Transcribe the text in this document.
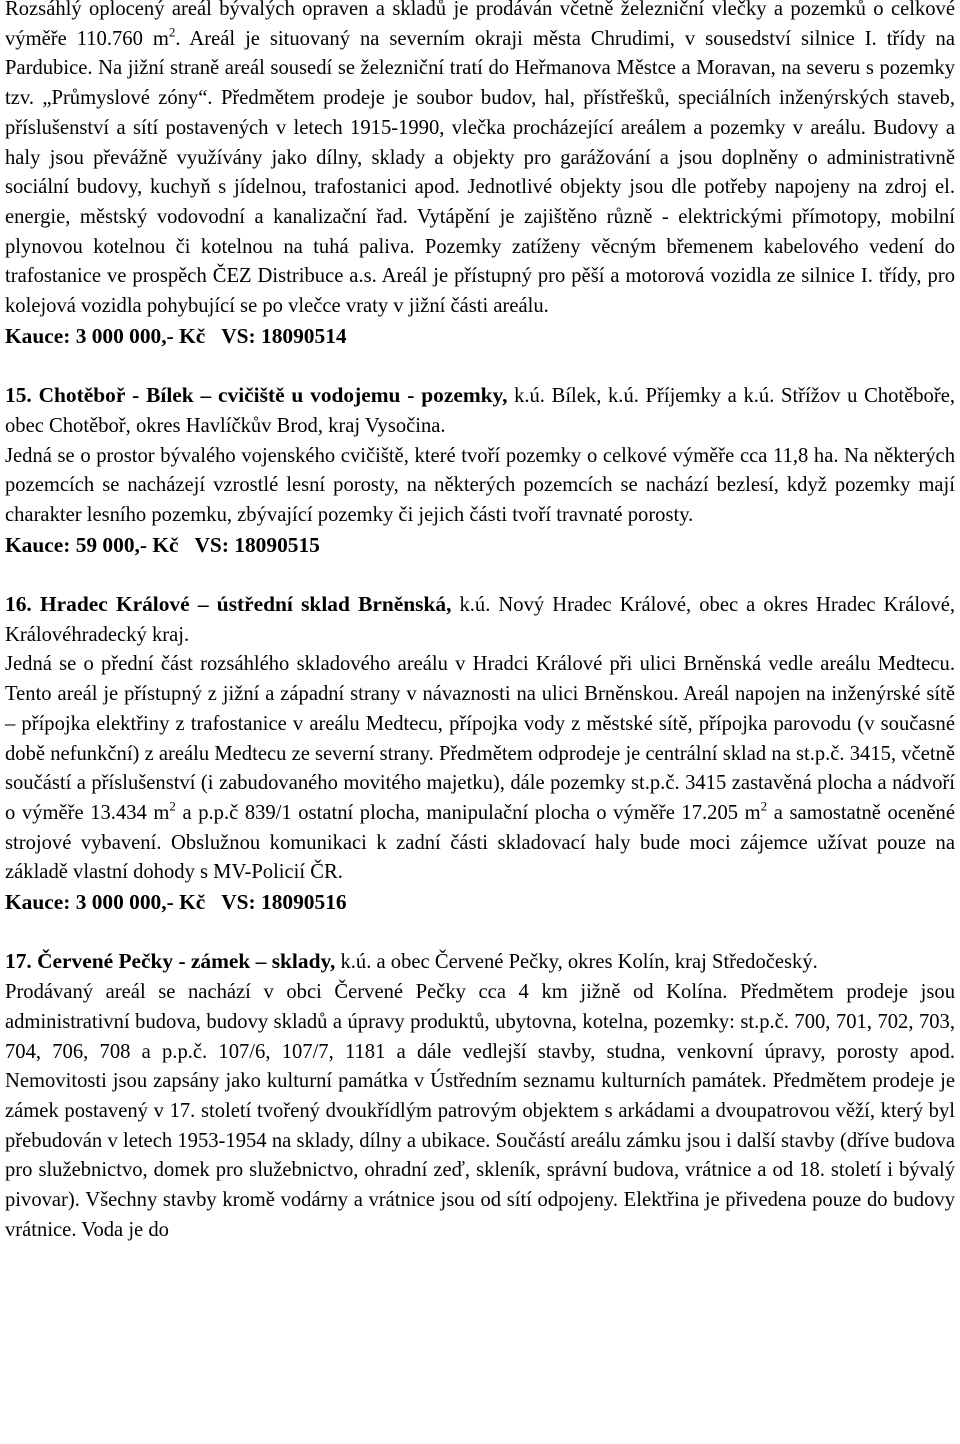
Rozsáhlý oplocený areál bývalých opraven a skladů je prodáván včetně železniční vlečky a pozemků o celkové výměře 110.760 $m^2$. Areál je situovaný na severním okraji města Chrudimi, v sousedství silnice I. třídy na Pardubice. Na jižní straně areál sousedí se železniční tratí do Heřmanova Městce a Moravan, na severu s pozemky tzv. „Průmyslové zóny“. Předmětem prodeje je soubor budov, hal, přístřešků, speciálních inženýrských staveb, příslušenství a sítí postavených v letech 1915-1990, vlečka procházející areálem a pozemky v areálu. Budovy a haly jsou převážně využívány jako dílny, sklady a objekty pro garážování a jsou doplněny o administrativně sociální budovy, kuchyň s jídelnou, trafostanici apod. Jednotlivé objekty jsou dle potřeby napojeny na zdroj el. energie, městský vodovodní a kanalizační řad. Vytápění je zajištěno různě - elektrickými přímotopy, mobilní plynovou kotelnou či kotelnou na tuhá paliva. Pozemky zatíženy věcným břemenem kabelového vedení do trafostanice ve prospěch ČEZ Distribuce a.s. Areál je přístupný pro pěší a motorová vozidla ze silnice I. třídy, pro kolejová vozidla pohybující se po vlečce vraty v jižní části areálu.

Kauce: 3 000 000,- Kč VS: 18090514

15. Chotěboř - Bílek – cvičiště u vodojemu - pozemky, k.ú. Bílek, k.ú. Příjemky a k.ú. Střížov u Chotěboře, obec Chotěboř, okres Havlíčkův Brod, kraj Vysočina.

Jedná se o prostor bývalého vojenského cvičiště, které tvoří pozemky o celkové výměře cca 11,8 ha. Na některých pozemcích se nacházejí vzrostlé lesní porosty, na některých pozemcích se nachází bezlesí, když pozemky mají charakter lesního pozemku, zbývající pozemky či jejich části tvoří travnaté porosty.

Kauce: 59 000,- Kč VS: 18090515

16. Hradec Králové – ústřední sklad Brněnská, k.ú. Nový Hradec Králové, obec a okres Hradec Králové, Královéhradecký kraj.

Jedná se o přední část rozsáhlého skladového areálu v Hradci Králové při ulici Brněnská vedle areálu Medtecu. Tento areál je přístupný z jižní a západní strany v návaznosti na ulici Brněnskou. Areál napojen na inženýrské sítě – přípojka elektřiny z trafostanice v areálu Medtecu, přípojka vody z městské sítě, přípojka parovodu (v současné době nefunkční) z areálu Medtecu ze severní strany. Předmětem odprodeje je centrální sklad na st.p.č. 3415, včetně součástí a příslušenství (i zabudovaného movitého majetku), dále pozemky st.p.č. 3415 zastavěná plocha a nádvoří o výměře 13.434 $m^2$ a p.p.č 839/1 ostatní plocha, manipulační plocha o výměře 17.205 $m^2$ a samostatně oceněné strojové vybavení. Obslužnou komunikaci k zadní části skladovací haly bude moci zájemce užívat pouze na základě vlastní dohody s MV-Policií ČR.

Kauce: 3 000 000,- Kč VS: 18090516

17. Červené Pečky - zámek – sklady, k.ú. a obec Červené Pečky, okres Kolín, kraj Středočeský.

Prodávaný areál se nachází v obci Červené Pečky cca 4 km jižně od Kolína. Předmětem prodeje jsou administrativní budova, budovy skladů a úpravy produktů, ubytovna, kotelna, pozemky: st.p.č. 700, 701, 702, 703, 704, 706, 708 a p.p.č. 107/6, 107/7, 1181 a dále vedlejší stavby, studna, venkovní úpravy, porosty apod. Nemovitosti jsou zapsány jako kulturní památka v Ústředním seznamu kulturních památek. Předmětem prodeje je zámek postavený v 17. století tvořený dvoukřídlým patrovým objektem s arkádami a dvoupatrovou věží, který byl přebudován v letech 1953-1954 na sklady, dílny a ubikace. Součástí areálu zámku jsou i další stavby (dříve budova pro služebnictvo, domek pro služebnictvo, ohradní zeď, skleník, správní budova, vrátnice a od 18. století i bývalý pivovar). Všechny stavby kromě vodárny a vrátnice jsou od sítí odpojeny. Elektřina je přivedena pouze do budovy vrátnice. Voda je do
